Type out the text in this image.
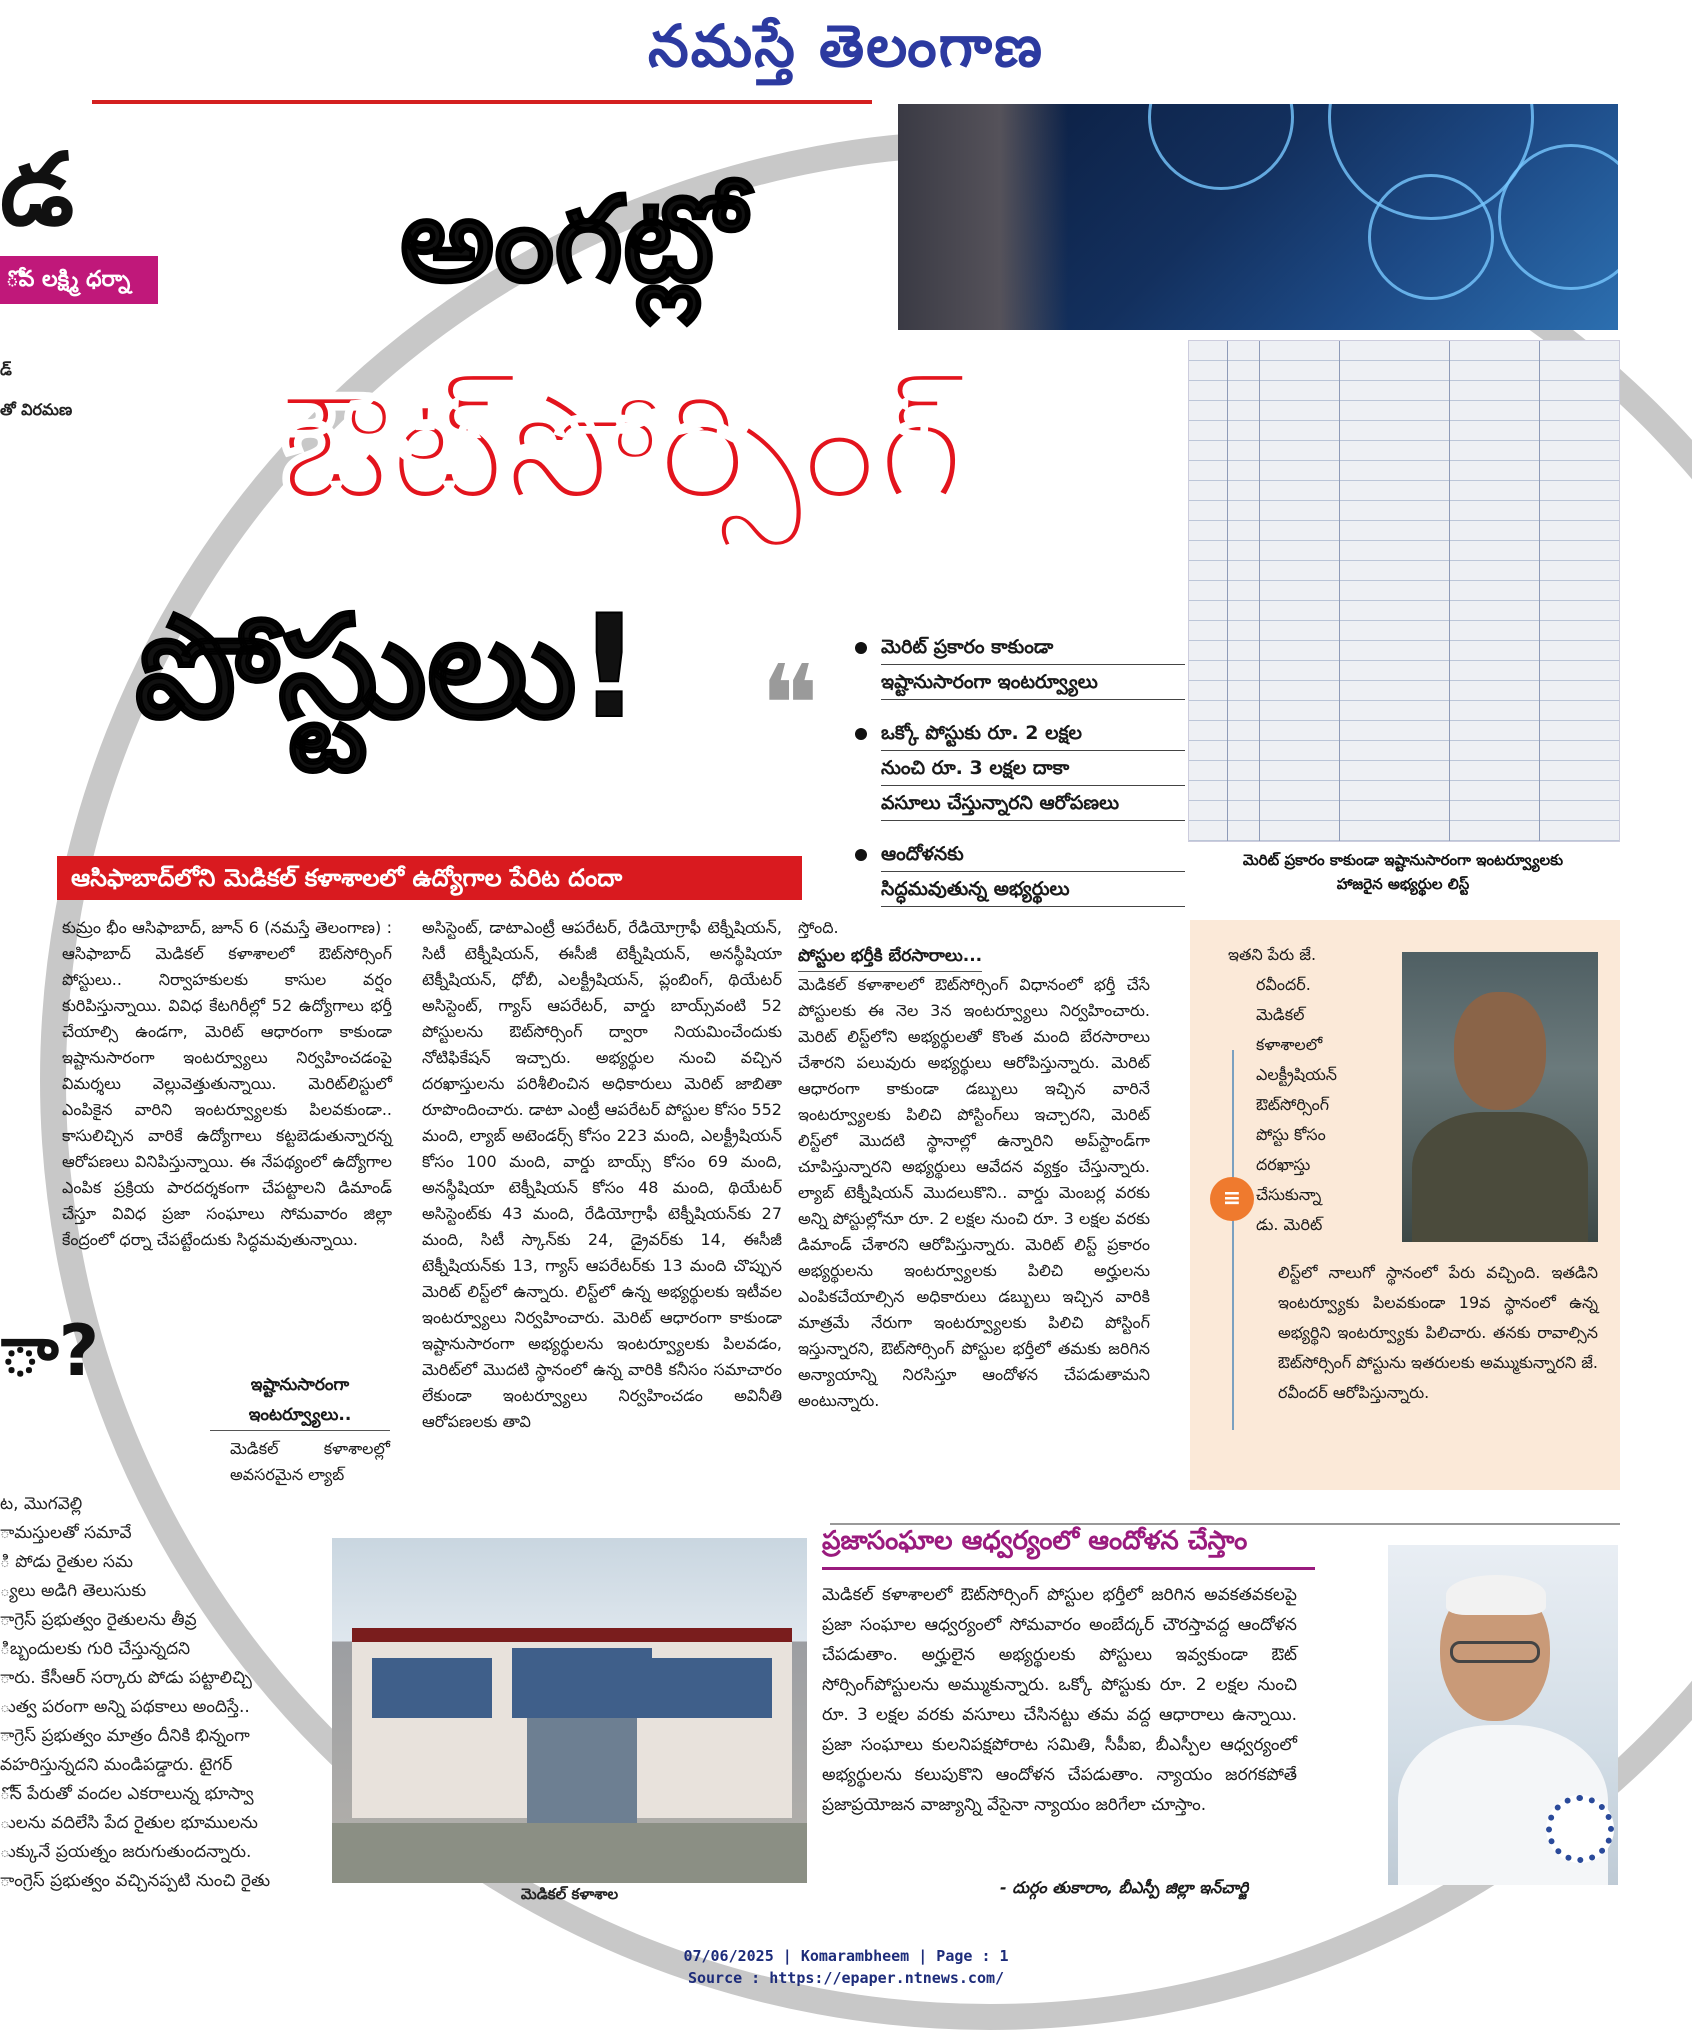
నమస్తే తెలంగాణ
డ
ోవ లక్ష్మి ధర్నా
డ్
తో విరమణ
ా?

ట, మొగవెల్లి

ామస్తులతో సమావే

ి పోడు రైతుల సమ

్యలు అడిగి తెలుసుకు

ాగ్రెస్ ప్రభుత్వం రైతులను తీవ్ర

ిబ్బందులకు గురి చేస్తున్నదని

ారు. కేసీఆర్ సర్కారు పోడు పట్టాలిచ్చి

ుత్వ పరంగా అన్ని పథకాలు అందిస్తే..

ాగ్రెస్ ప్రభుత్వం మాత్రం దీనికి భిన్నంగా

వహరిస్తున్నదని మండిపడ్డారు. టైగర్

ోన్ పేరుతో వందల ఎకరాలున్న భూస్వా

ులను వదిలేసి పేద రైతుల భూములను

ుక్కునే ప్రయత్నం జరుగుతుందన్నారు.

ాంగ్రెస్ ప్రభుత్వం వచ్చినప్పటి నుంచి రైతు

అంగట్లో
ఔట్‌సోర్సింగ్
పోస్టులు!
మెరిట్ ప్రకారం కాకుండా ఇష్టానుసారంగా ఇంటర్వ్యూలకు
హాజరైన అభ్యర్థుల లిస్ట్
❝	మెరిట్ ప్రకారం కాకుండా
ఇష్టానుసారంగా ఇంటర్వ్యూలు
ఒక్కో పోస్టుకు రూ. 2 లక్షల
నుంచి రూ. 3 లక్షల దాకా
వసూలు చేస్తున్నారని ఆరోపణలు
ఆందోళనకు
సిద్ధమవుతున్న అభ్యర్థులు
ఆసిఫాబాద్‌లోని మెడికల్ కళాశాలలో ఉద్యోగాల పేరిట దందా
కుమ్రం భీం ఆసిఫాబాద్, జూన్ 6 (నమస్తే తెలంగాణ) : ఆసిఫాబాద్ మెడికల్ కళాశాలలో ఔట్‌సోర్సింగ్ పోస్టులు.. నిర్వాహకులకు కాసుల వర్షం కురిపిస్తున్నాయి. వివిధ కేటగిరీల్లో 52 ఉద్యోగాలు భర్తీ చేయాల్సి ఉండగా, మెరిట్ ఆధారంగా కాకుండా ఇష్టానుసారంగా ఇంటర్వ్యూలు నిర్వహించడంపై విమర్శలు వెల్లువెత్తుతున్నాయి. మెరిట్‌లిస్టులో ఎంపికైన వారిని ఇంటర్వ్యూలకు పిలవకుండా.. కాసులిచ్చిన వారికే ఉద్యోగాలు కట్టబెడుతున్నారన్న ఆరోపణలు వినిపిస్తున్నాయి. ఈ నేపథ్యంలో ఉద్యోగాల ఎంపిక ప్రక్రియ పారదర్శకంగా చేపట్టాలని డిమాండ్ చేస్తూ వివిధ ప్రజా సంఘాలు సోమవారం జిల్లా కేంద్రంలో ధర్నా చేపట్టేందుకు సిద్ధమవుతున్నాయి.
ఇష్టానుసారంగా
ఇంటర్వ్యూలు..
మెడికల్ కళాశాలల్లో అవసరమైన ల్యాబ్
అసిస్టెంట్, డాటాఎంట్రీ ఆపరేటర్, రేడియోగ్రాఫీ టెక్నీషియన్, సిటీ టెక్నీషియన్, ఈసీజీ టెక్నీషియన్, అనస్థీషియా టెక్నీషియన్, ధోబీ, ఎలక్ట్రీషియన్, ప్లంబింగ్, థియేటర్ అసిస్టెంట్, గ్యాస్ ఆపరేటర్, వార్డు బాయ్స్‌వంటి 52 పోస్టులను ఔట్‌సోర్సింగ్ ద్వారా నియమించేందుకు నోటిఫికేషన్ ఇచ్చారు. అభ్యర్థుల నుంచి వచ్చిన దరఖాస్తులను పరిశీలించిన అధికారులు మెరిట్ జాబితా రూపొందించారు. డాటా ఎంట్రీ ఆపరేటర్ పోస్టుల కోసం 552 మంది, ల్యాబ్ అటెండర్స్ కోసం 223 మంది, ఎలక్ట్రీషియన్ కోసం 100 మంది, వార్డు బాయ్స్ కోసం 69 మంది, అనస్థీషియా టెక్నీషియన్ కోసం 48 మంది, థియేటర్ అసిస్టెంట్‌కు 43 మంది, రేడియోగ్రాఫీ టెక్నీషియన్‌కు 27 మంది, సిటీ స్కాన్‌కు 24, డ్రైవర్‌కు 14, ఈసీజీ టెక్నీషియన్‌కు 13, గ్యాస్ ఆపరేటర్‌కు 13 మంది చొప్పున మెరిట్ లిస్ట్‌లో ఉన్నారు. లిస్ట్‌లో ఉన్న అభ్యర్థులకు ఇటీవల ఇంటర్వ్యూలు నిర్వహించారు. మెరిట్ ఆధారంగా కాకుండా ఇష్టానుసారంగా అభ్యర్థులను ఇంటర్వ్యూలకు పిలవడం, మెరిట్‌లో మొదటి స్థానంలో ఉన్న వారికి కనీసం సమాచారం లేకుండా ఇంటర్వ్యూలు నిర్వహించడం అవినీతి ఆరోపణలకు తావి
స్తోంది.
పోస్టుల భర్తీకి బేరసారాలు...
మెడికల్ కళాశాలలో ఔట్‌సోర్సింగ్ విధానంలో భర్తీ చేసే పోస్టులకు ఈ నెల 3న ఇంటర్వ్యూలు నిర్వహించారు. మెరిట్ లిస్ట్‌లోని అభ్యర్థులతో కొంత మంది బేరసారాలు చేశారని పలువురు అభ్యర్థులు ఆరోపిస్తున్నారు. మెరిట్ ఆధారంగా కాకుండా డబ్బులు ఇచ్చిన వారినే ఇంటర్వ్యూలకు పిలిచి పోస్టింగ్‌లు ఇచ్చారని, మెరిట్ లిస్ట్‌లో మొదటి స్థానాల్లో ఉన్నారిని అప్‌స్టాండ్‌గా చూపిస్తున్నారని అభ్యర్థులు ఆవేదన వ్యక్తం చేస్తున్నారు. ల్యాబ్ టెక్నీషియన్ మొదలుకొని.. వార్డు మెంబర్ల వరకు అన్ని పోస్టుల్లోనూ రూ. 2 లక్షల నుంచి రూ. 3 లక్షల వరకు డిమాండ్ చేశారని ఆరోపిస్తున్నారు. మెరిట్ లిస్ట్ ప్రకారం అభ్యర్థులను ఇంటర్వ్యూలకు పిలిచి అర్హులను ఎంపికచేయాల్సిన అధికారులు డబ్బులు ఇచ్చిన వారికి మాత్రమే నేరుగా ఇంటర్వ్యూలకు పిలిచి పోస్టింగ్ ఇస్తున్నారని, ఔట్‌సోర్సింగ్ పోస్టుల భర్తీలో తమకు జరిగిన అన్యాయాన్ని నిరసిస్తూ ఆందోళన చేపడుతామని అంటున్నారు.
≡
ఇతని పేరు జే.
రవీందర్.
మెడికల్
కళాశాలలో
ఎలక్ట్రీషియన్
ఔట్‌సోర్సింగ్
పోస్టు కోసం
దరఖాస్తు
చేసుకున్నా
డు. మెరిట్
లిస్ట్‌లో నాలుగో స్థానంలో పేరు వచ్చింది. ఇతడిని ఇంటర్వ్యూకు పిలవకుండా 19వ స్థానంలో ఉన్న అభ్యర్థిని ఇంటర్వ్యూకు పిలిచారు. తనకు రావాల్సిన ఔట్‌సోర్సింగ్ పోస్టును ఇతరులకు అమ్ముకున్నారని జే. రవీందర్ ఆరోపిస్తున్నారు.
మెడికల్ కళాశాల
ప్రజాసంఘాల ఆధ్వర్యంలో ఆందోళన చేస్తాం
మెడికల్ కళాశాలలో ఔట్‌సోర్సింగ్ పోస్టుల భర్తీలో జరిగిన అవకతవకలపై ప్రజా సంఘాల ఆధ్వర్యంలో సోమవారం అంబేద్కర్ చౌరస్తావద్ద ఆందోళన చేపడుతాం. అర్హులైన అభ్యర్థులకు పోస్టులు ఇవ్వకుండా ఔట్ సోర్సింగ్‌పోస్టులను అమ్ముకున్నారు. ఒక్కో పోస్టుకు రూ. 2 లక్షల నుంచి రూ. 3 లక్షల వరకు వసూలు చేసినట్టు తమ వద్ద ఆధారాలు ఉన్నాయి. ప్రజా సంఘాలు కులనిపక్షపోరాట సమితి, సీపీఐ, బీఎస్పీల ఆధ్వర్యంలో అభ్యర్థులను కలుపుకొని ఆందోళన చేపడుతాం. న్యాయం జరగకపోతే ప్రజాప్రయోజన వాజ్యాన్ని వేసైనా న్యాయం జరిగేలా చూస్తాం.
- దుర్గం తుకారాం, బీఎస్పీ జిల్లా ఇన్‌చార్జి
07/06/2025 | Komarambheem | Page : 1
Source : https://epaper.ntnews.com/
